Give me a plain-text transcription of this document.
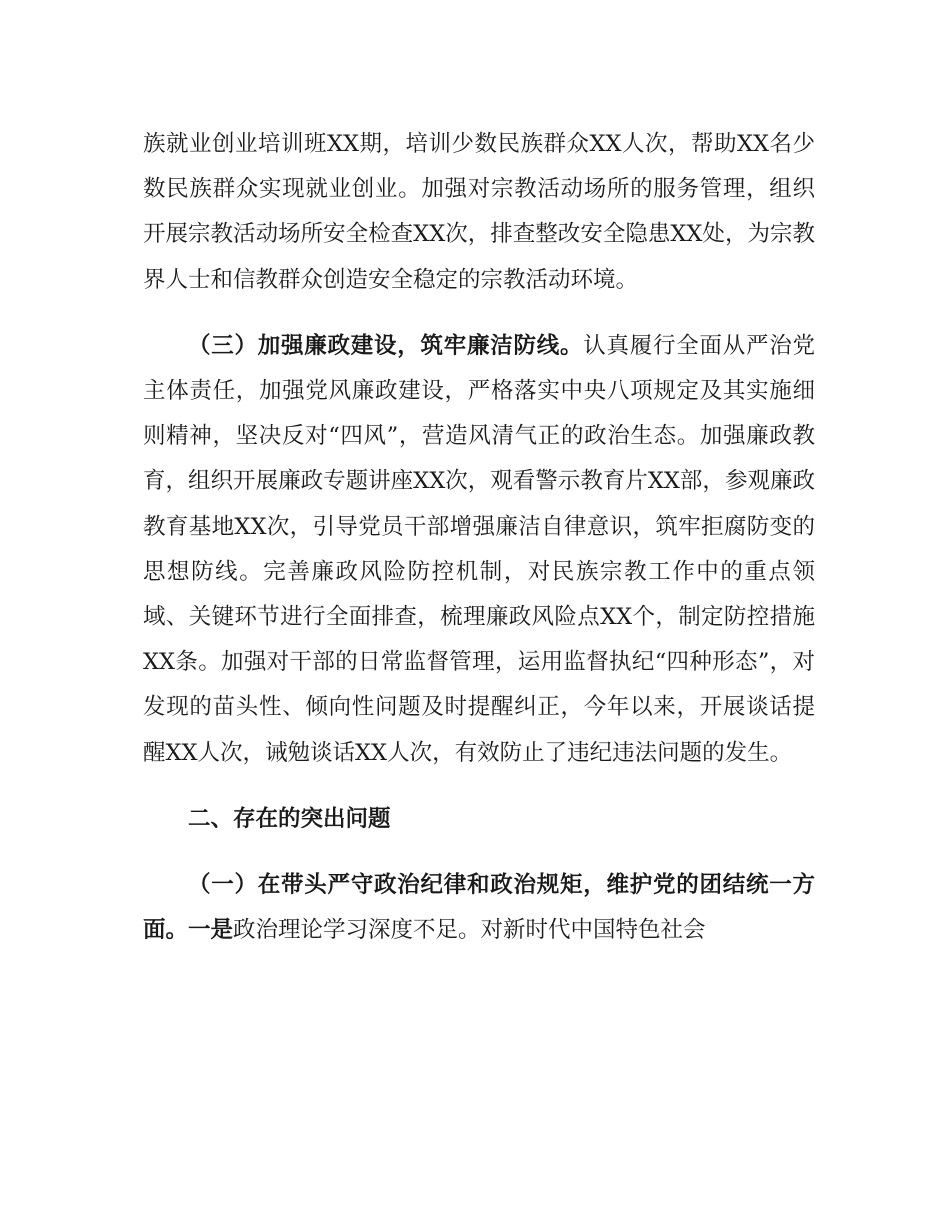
族就业创业培训班XX期，培训少数民族群众XX人次，帮助XX名少数民族群众实现就业创业。加强对宗教活动场所的服务管理，组织开展宗教活动场所安全检查XX次，排查整改安全隐患XX处，为宗教界人士和信教群众创造安全稳定的宗教活动环境。

（三）加强廉政建设，筑牢廉洁防线。认真履行全面从严治党主体责任，加强党风廉政建设，严格落实中央八项规定及其实施细则精神，坚决反对“四风”，营造风清气正的政治生态。加强廉政教育，组织开展廉政专题讲座XX次，观看警示教育片XX部，参观廉政教育基地XX次，引导党员干部增强廉洁自律意识，筑牢拒腐防变的思想防线。完善廉政风险防控机制，对民族宗教工作中的重点领域、关键环节进行全面排查，梳理廉政风险点XX个，制定防控措施XX条。加强对干部的日常监督管理，运用监督执纪“四种形态”，对发现的苗头性、倾向性问题及时提醒纠正，今年以来，开展谈话提醒XX人次，诫勉谈话XX人次，有效防止了违纪违法问题的发生。

二、存在的突出问题

（一）在带头严守政治纪律和政治规矩，维护党的团结统一方面。一是政治理论学习深度不足。对新时代中国特色社会
